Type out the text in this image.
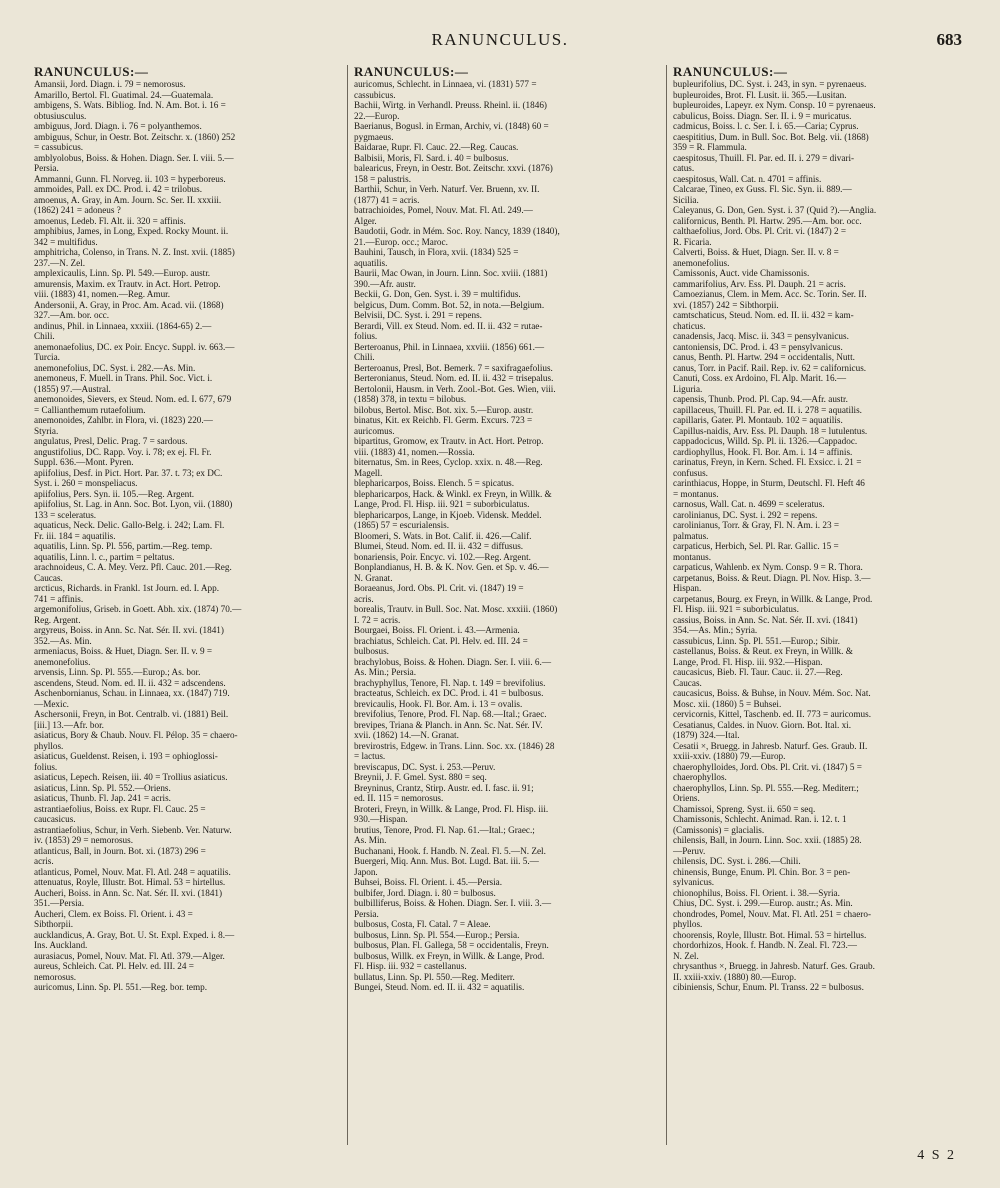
RANUNCULUS.	683
RANUNCULUS:—
Amansii, Jord. Diagn. i. 79 = nemorosus.
Amarillo, Bertol. Fl. Guatimal. 24.—Guatemala.
ambigens, S. Wats. Bibliog. Ind. N. Am. Bot. i. 16 =
obtusiusculus.
ambiguus, Jord. Diagn. i. 76 = polyanthemos.
ambiguus, Schur, in Oestr. Bot. Zeitschr. x. (1860) 252
= cassubicus.
amblyolobus, Boiss. & Hohen. Diagn. Ser. I. viii. 5.—
Persia.
Ammanni, Gunn. Fl. Norveg. ii. 103 = hyperboreus.
ammoides, Pall. ex DC. Prod. i. 42 = trilobus.
amoenus, A. Gray, in Am. Journ. Sc. Ser. II. xxxiii.
(1862) 241 = adoneus ?
amoenus, Ledeb. Fl. Alt. ii. 320 = affinis.
amphibius, James, in Long, Exped. Rocky Mount. ii.
342 = multifidus.
amphitricha, Colenso, in Trans. N. Z. Inst. xvii. (1885)
237.—N. Zel.
amplexicaulis, Linn. Sp. Pl. 549.—Europ. austr.
amurensis, Maxim. ex Trautv. in Act. Hort. Petrop.
viii. (1883) 41, nomen.—Reg. Amur.
Andersonii, A. Gray, in Proc. Am. Acad. vii. (1868)
327.—Am. bor. occ.
andinus, Phil. in Linnaea, xxxiii. (1864-65) 2.—
Chili.
anemonaefolius, DC. ex Poir. Encyc. Suppl. iv. 663.—
Turcia.
anemonefolius, DC. Syst. i. 282.—As. Min.
anemoneus, F. Muell. in Trans. Phil. Soc. Vict. i.
(1855) 97.—Austral.
anemonoides, Sievers, ex Steud. Nom. ed. I. 677, 679
= Callianthemum rutaefolium.
anemonoides, Zahlbr. in Flora, vi. (1823) 220.—
Styria.
angulatus, Presl, Delic. Prag. 7 = sardous.
angustifolius, DC. Rapp. Voy. i. 78; ex ej. Fl. Fr.
Suppl. 636.—Mont. Pyren.
apiifolius, Desf. in Pict. Hort. Par. 37. t. 73; ex DC.
Syst. i. 260 = monspeliacus.
apiifolius, Pers. Syn. ii. 105.—Reg. Argent.
apiifolius, St. Lag. in Ann. Soc. Bot. Lyon, vii. (1880)
133 = sceleratus.
aquaticus, Neck. Delic. Gallo-Belg. i. 242; Lam. Fl.
Fr. iii. 184 = aquatilis.
aquatilis, Linn. Sp. Pl. 556, partim.—Reg. temp.
aquatilis, Linn. l. c., partim = peltatus.
arachnoideus, C. A. Mey. Verz. Pfl. Cauc. 201.—Reg.
Caucas.
arcticus, Richards. in Frankl. 1st Journ. ed. I. App.
741 = affinis.
argemonifolius, Griseb. in Goett. Abh. xix. (1874) 70.—
Reg. Argent.
argyreus, Boiss. in Ann. Sc. Nat. Sér. II. xvi. (1841)
352.—As. Min.
armeniacus, Boiss. & Huet, Diagn. Ser. II. v. 9 =
anemonefolius.
arvensis, Linn. Sp. Pl. 555.—Europ.; As. bor.
ascendens, Steud. Nom. ed. II. ii. 432 = adscendens.
Aschenbornianus, Schau. in Linnaea, xx. (1847) 719.
—Mexic.
Aschersonii, Freyn, in Bot. Centralb. vi. (1881) Beil.
[iii.] 13.—Afr. bor.
asiaticus, Bory & Chaub. Nouv. Fl. Pélop. 35 = chaero-
phyllos.
asiaticus, Gueldenst. Reisen, i. 193 = ophioglossi-
folius.
asiaticus, Lepech. Reisen, iii. 40 = Trollius asiaticus.
asiaticus, Linn. Sp. Pl. 552.—Oriens.
asiaticus, Thunb. Fl. Jap. 241 = acris.
astrantiaefolius, Boiss. ex Rupr. Fl. Cauc. 25 =
caucasicus.
astrantiaefolius, Schur, in Verh. Siebenb. Ver. Naturw.
iv. (1853) 29 = nemorosus.
atlanticus, Ball, in Journ. Bot. xi. (1873) 296 =
acris.
atlanticus, Pomel, Nouv. Mat. Fl. Atl. 248 = aquatilis.
attenuatus, Royle, Illustr. Bot. Himal. 53 = hirtellus.
Aucheri, Boiss. in Ann. Sc. Nat. Sér. II. xvi. (1841)
351.—Persia.
Aucheri, Clem. ex Boiss. Fl. Orient. i. 43 =
Sibthorpii.
aucklandicus, A. Gray, Bot. U. St. Expl. Exped. i. 8.—
Ins. Auckland.
aurasiacus, Pomel, Nouv. Mat. Fl. Atl. 379.—Alger.
aureus, Schleich. Cat. Pl. Helv. ed. III. 24 =
nemorosus.
auricomus, Linn. Sp. Pl. 551.—Reg. bor. temp.
RANUNCULUS:—
auricomus, Schlecht. in Linnaea, vi. (1831) 577 =
cassubicus.
Bachii, Wirtg. in Verhandl. Preuss. Rheinl. ii. (1846)
22.—Europ.
Baerianus, Bogusl. in Erman, Archiv, vi. (1848) 60 =
pygmaeus.
Baidarae, Rupr. Fl. Cauc. 22.—Reg. Caucas.
Balbisii, Moris, Fl. Sard. i. 40 = bulbosus.
balearicus, Freyn, in Oestr. Bot. Zeitschr. xxvi. (1876)
158 = palustris.
Barthii, Schur, in Verh. Naturf. Ver. Bruenn, xv. II.
(1877) 41 = acris.
batrachioides, Pomel, Nouv. Mat. Fl. Atl. 249.—
Alger.
Baudotii, Godr. in Mém. Soc. Roy. Nancy, 1839 (1840),
21.—Europ. occ.; Maroc.
Bauhini, Tausch, in Flora, xvii. (1834) 525 =
aquatilis.
Baurii, Mac Owan, in Journ. Linn. Soc. xviii. (1881)
390.—Afr. austr.
Beckii, G. Don, Gen. Syst. i. 39 = multifidus.
belgicus, Dum. Comm. Bot. 52, in nota.—Belgium.
Belvisii, DC. Syst. i. 291 = repens.
Berardi, Vill. ex Steud. Nom. ed. II. ii. 432 = rutae-
folius.
Berteroanus, Phil. in Linnaea, xxviii. (1856) 661.—
Chili.
Berteroanus, Presl, Bot. Bemerk. 7 = saxifragaefolius.
Berteronianus, Steud. Nom. ed. II. ii. 432 = trisepalus.
Bertolonii, Hausm. in Verh. Zool.-Bot. Ges. Wien, viii.
(1858) 378, in textu = bilobus.
bilobus, Bertol. Misc. Bot. xix. 5.—Europ. austr.
binatus, Kit. ex Reichb. Fl. Germ. Excurs. 723 =
auricomus.
bipartitus, Gromow, ex Trautv. in Act. Hort. Petrop.
viii. (1883) 41, nomen.—Rossia.
biternatus, Sm. in Rees, Cyclop. xxix. n. 48.—Reg.
Magell.
blepharicarpos, Boiss. Elench. 5 = spicatus.
blepharicarpos, Hack. & Winkl. ex Freyn, in Willk. &
Lange, Prod. Fl. Hisp. iii. 921 = suborbiculatus.
blepharicarpos, Lange, in Kjoeb. Vidensk. Meddel.
(1865) 57 = escurialensis.
Bloomeri, S. Wats. in Bot. Calif. ii. 426.—Calif.
Blumei, Steud. Nom. ed. II. ii. 432 = diffusus.
bonariensis, Poir. Encyc. vi. 102.—Reg. Argent.
Bonplandianus, H. B. & K. Nov. Gen. et Sp. v. 46.—
N. Granat.
Boraeanus, Jord. Obs. Pl. Crit. vi. (1847) 19 =
acris.
borealis, Trautv. in Bull. Soc. Nat. Mosc. xxxiii. (1860)
I. 72 = acris.
Bourgaei, Boiss. Fl. Orient. i. 43.—Armenia.
brachiatus, Schleich. Cat. Pl. Helv. ed. III. 24 =
bulbosus.
brachylobus, Boiss. & Hohen. Diagn. Ser. I. viii. 6.—
As. Min.; Persia.
brachyphyllus, Tenore, Fl. Nap. t. 149 = brevifolius.
bracteatus, Schleich. ex DC. Prod. i. 41 = bulbosus.
brevicaulis, Hook. Fl. Bor. Am. i. 13 = ovalis.
brevifolius, Tenore, Prod. Fl. Nap. 68.—Ital.; Graec.
brevipes, Triana & Planch. in Ann. Sc. Nat. Sér. IV.
xvii. (1862) 14.—N. Granat.
brevirostris, Edgew. in Trans. Linn. Soc. xx. (1846) 28
= lactus.
breviscapus, DC. Syst. i. 253.—Peruv.
Breynii, J. F. Gmel. Syst. 880 = seq.
Breyninus, Crantz, Stirp. Austr. ed. I. fasc. ii. 91;
ed. II. 115 = nemorosus.
Broteri, Freyn, in Willk. & Lange, Prod. Fl. Hisp. iii.
930.—Hispan.
brutius, Tenore, Prod. Fl. Nap. 61.—Ital.; Graec.;
As. Min.
Buchanani, Hook. f. Handb. N. Zeal. Fl. 5.—N. Zel.
Buergeri, Miq. Ann. Mus. Bot. Lugd. Bat. iii. 5.—
Japon.
Buhsei, Boiss. Fl. Orient. i. 45.—Persia.
bulbifer, Jord. Diagn. i. 80 = bulbosus.
bulbilliferus, Boiss. & Hohen. Diagn. Ser. I. viii. 3.—
Persia.
bulbosus, Costa, Fl. Catal. 7 = Aleae.
bulbosus, Linn. Sp. Pl. 554.—Europ.; Persia.
bulbosus, Plan. Fl. Gallega, 58 = occidentalis, Freyn.
bulbosus, Willk. ex Freyn, in Willk. & Lange, Prod.
Fl. Hisp. iii. 932 = castellanus.
bullatus, Linn. Sp. Pl. 550.—Reg. Mediterr.
Bungei, Steud. Nom. ed. II. ii. 432 = aquatilis.
RANUNCULUS:—
bupleurifolius, DC. Syst. i. 243, in syn. = pyrenaeus.
bupleuroides, Brot. Fl. Lusit. ii. 365.—Lusitan.
bupleuroides, Lapeyr. ex Nym. Consp. 10 = pyrenaeus.
cabulicus, Boiss. Diagn. Ser. II. i. 9 = muricatus.
cadmicus, Boiss. l. c. Ser. I. i. 65.—Caria; Cyprus.
caespititius, Dum. in Bull. Soc. Bot. Belg. vii. (1868)
359 = R. Flammula.
caespitosus, Thuill. Fl. Par. ed. II. i. 279 = divari-
catus.
caespitosus, Wall. Cat. n. 4701 = affinis.
Calcarae, Tineo, ex Guss. Fl. Sic. Syn. ii. 889.—
Sicilia.
Caleyanus, G. Don, Gen. Syst. i. 37 (Quid ?).—Anglia.
californicus, Benth. Pl. Hartw. 295.—Am. bor. occ.
calthaefolius, Jord. Obs. Pl. Crit. vi. (1847) 2 =
R. Ficaria.
Calverti, Boiss. & Huet, Diagn. Ser. II. v. 8 =
anemonefolius.
Camissonis, Auct. vide Chamissonis.
cammarifolius, Arv. Ess. Pl. Dauph. 21 = acris.
Camoezianus, Clem. in Mem. Acc. Sc. Torin. Ser. II.
xvi. (1857) 242 = Sibthorpii.
camtschaticus, Steud. Nom. ed. II. ii. 432 = kam-
chaticus.
canadensis, Jacq. Misc. ii. 343 = pensylvanicus.
cantoniensis, DC. Prod. i. 43 = pensylvanicus.
canus, Benth. Pl. Hartw. 294 = occidentalis, Nutt.
canus, Torr. in Pacif. Rail. Rep. iv. 62 = californicus.
Canuti, Coss. ex Ardoino, Fl. Alp. Marit. 16.—
Liguria.
capensis, Thunb. Prod. Pl. Cap. 94.—Afr. austr.
capillaceus, Thuill. Fl. Par. ed. II. i. 278 = aquatilis.
capillaris, Gater. Pl. Montaub. 102 = aquatilis.
Capillus-naidis, Arv. Ess. Pl. Dauph. 18 = lutulentus.
cappadocicus, Willd. Sp. Pl. ii. 1326.—Cappadoc.
cardiophyllus, Hook. Fl. Bor. Am. i. 14 = affinis.
carinatus, Freyn, in Kern. Sched. Fl. Exsicc. i. 21 =
confusus.
carinthiacus, Hoppe, in Sturm, Deutschl. Fl. Heft 46
= montanus.
carnosus, Wall. Cat. n. 4699 = sceleratus.
carolinianus, DC. Syst. i. 292 = repens.
carolinianus, Torr. & Gray, Fl. N. Am. i. 23 =
palmatus.
carpaticus, Herbich, Sel. Pl. Rar. Gallic. 15 =
montanus.
carpaticus, Wahlenb. ex Nym. Consp. 9 = R. Thora.
carpetanus, Boiss. & Reut. Diagn. Pl. Nov. Hisp. 3.—
Hispan.
carpetanus, Bourg. ex Freyn, in Willk. & Lange, Prod.
Fl. Hisp. iii. 921 = suborbiculatus.
cassius, Boiss. in Ann. Sc. Nat. Sér. II. xvi. (1841)
354.—As. Min.; Syria.
cassubicus, Linn. Sp. Pl. 551.—Europ.; Sibir.
castellanus, Boiss. & Reut. ex Freyn, in Willk. &
Lange, Prod. Fl. Hisp. iii. 932.—Hispan.
caucasicus, Bieb. Fl. Taur. Cauc. ii. 27.—Reg.
Caucas.
caucasicus, Boiss. & Buhse, in Nouv. Mém. Soc. Nat.
Mosc. xii. (1860) 5 = Buhsei.
cervicornis, Kittel, Taschenb. ed. II. 773 = auricomus.
Cesatianus, Caldes. in Nuov. Giorn. Bot. Ital. xi.
(1879) 324.—Ital.
Cesatii ×, Bruegg. in Jahresb. Naturf. Ges. Graub. II.
xxiii-xxiv. (1880) 79.—Europ.
chaerophylloides, Jord. Obs. Pl. Crit. vi. (1847) 5 =
chaerophyllos.
chaerophyllos, Linn. Sp. Pl. 555.—Reg. Mediterr.;
Oriens.
Chamissoi, Spreng. Syst. ii. 650 = seq.
Chamissonis, Schlecht. Animad. Ran. i. 12. t. 1
(Camissonis) = glacialis.
chilensis, Ball, in Journ. Linn. Soc. xxii. (1885) 28.
—Peruv.
chilensis, DC. Syst. i. 286.—Chili.
chinensis, Bunge, Enum. Pl. Chin. Bor. 3 = pen-
sylvanicus.
chionophilus, Boiss. Fl. Orient. i. 38.—Syria.
Chius, DC. Syst. i. 299.—Europ. austr.; As. Min.
chondrodes, Pomel, Nouv. Mat. Fl. Atl. 251 = chaero-
phyllos.
choorensis, Royle, Illustr. Bot. Himal. 53 = hirtellus.
chordorhizos, Hook. f. Handb. N. Zeal. Fl. 723.—
N. Zel.
chrysanthus ×, Bruegg. in Jahresb. Naturf. Ges. Graub.
II. xxiii-xxiv. (1880) 80.—Europ.
cibiniensis, Schur, Enum. Pl. Transs. 22 = bulbosus.
4 S 2
